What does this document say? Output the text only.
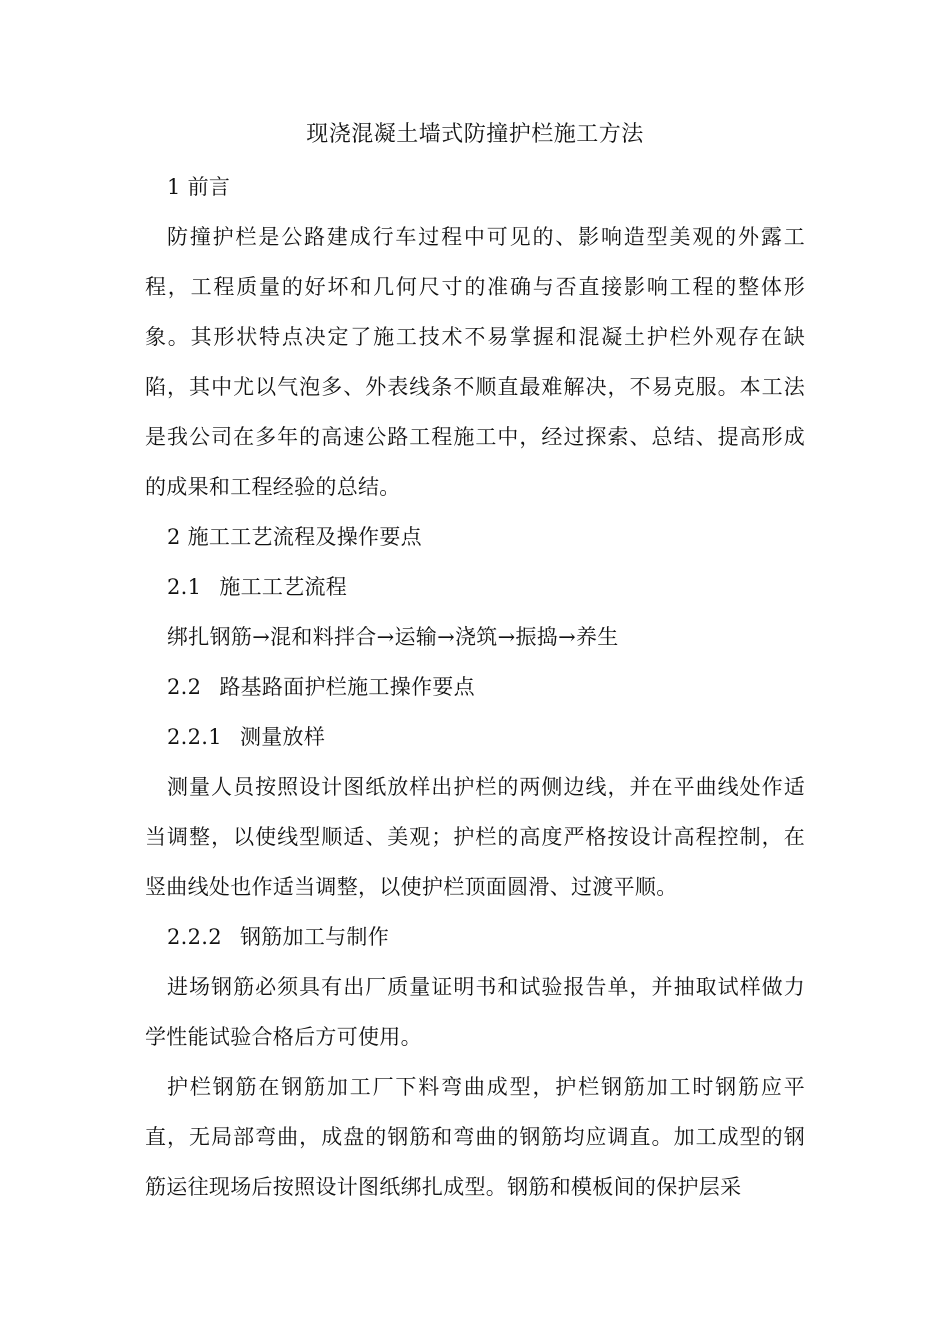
现浇混凝土墙式防撞护栏施工方法

1 前言

防撞护栏是公路建成行车过程中可见的、影响造型美观的外露工程，工程质量的好坏和几何尺寸的准确与否直接影响工程的整体形象。其形状特点决定了施工技术不易掌握和混凝土护栏外观存在缺陷，其中尤以气泡多、外表线条不顺直最难解决，不易克服。本工法是我公司在多年的高速公路工程施工中，经过探索、总结、提高形成的成果和工程经验的总结。

2 施工工艺流程及操作要点

2.1 施工工艺流程

绑扎钢筋→混和料拌合→运输→浇筑→振捣→养生

2.2 路基路面护栏施工操作要点

2.2.1 测量放样

测量人员按照设计图纸放样出护栏的两侧边线，并在平曲线处作适当调整，以使线型顺适、美观；护栏的高度严格按设计高程控制，在竖曲线处也作适当调整，以使护栏顶面圆滑、过渡平顺。

2.2.2 钢筋加工与制作

进场钢筋必须具有出厂质量证明书和试验报告单，并抽取试样做力学性能试验合格后方可使用。

护栏钢筋在钢筋加工厂下料弯曲成型，护栏钢筋加工时钢筋应平直，无局部弯曲，成盘的钢筋和弯曲的钢筋均应调直。加工成型的钢筋运往现场后按照设计图纸绑扎成型。钢筋和模板间的保护层采
